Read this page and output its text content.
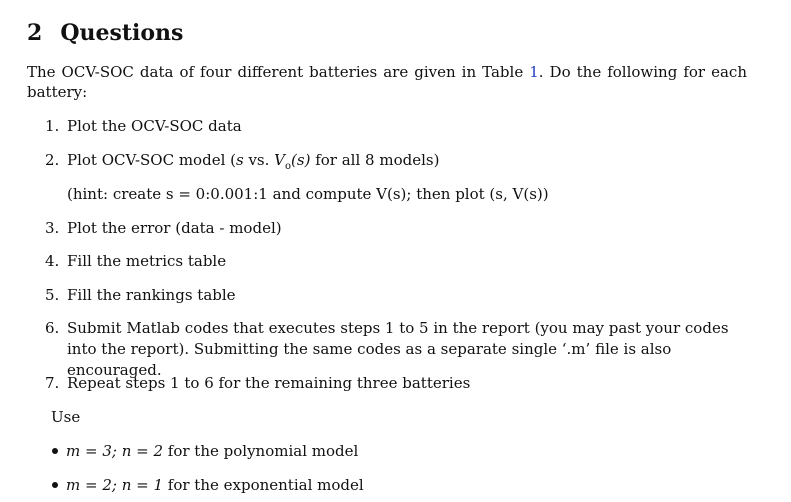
2 Questions
The OCV-SOC data of four different batteries are given in Table 1. Do the following for each battery:
1. Plot the OCV-SOC data
2. Plot OCV-SOC model (s vs. $V_o(s)$ for all 8 models)
(hint: create s = 0:0.001:1 and compute V(s); then plot (s, V(s))
3. Plot the error (data - model)
4. Fill the metrics table
5. Fill the rankings table
6. Submit Matlab codes that executes steps 1 to 5 in the report (you may past your codes into the report). Submitting the same codes as a separate single ‘.m’ file is also encouraged.
7. Repeat steps 1 to 6 for the remaining three batteries
Use
m = 3; n = 2 for the polynomial model
m = 2; n = 1 for the exponential model
